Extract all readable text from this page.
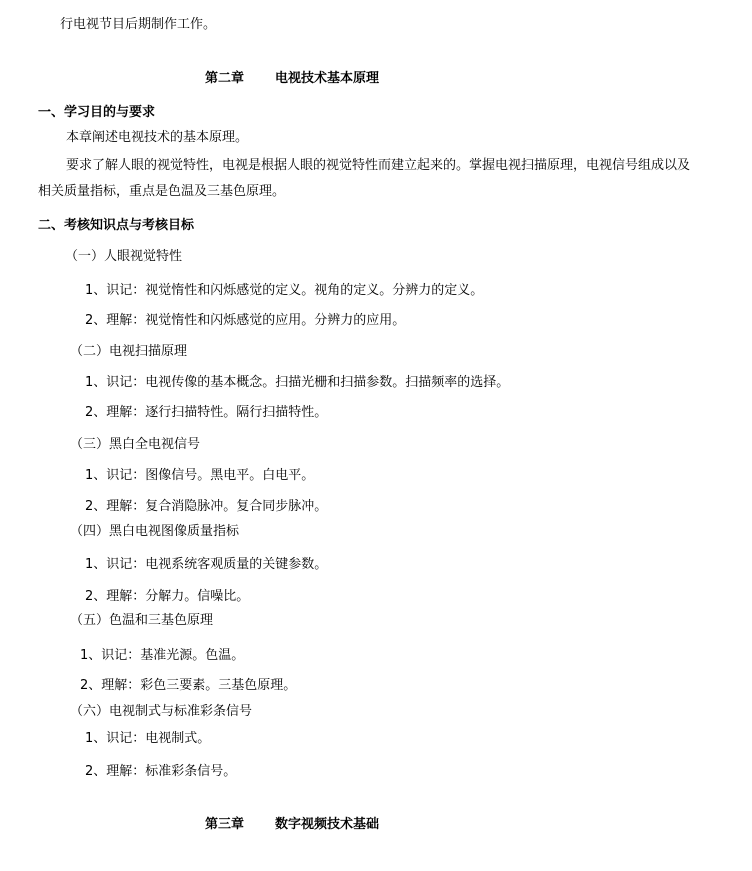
行电视节目后期制作工作。
第二章 电视技术基本原理
一、学习目的与要求
本章阐述电视技术的基本原理。
要求了解人眼的视觉特性，电视是根据人眼的视觉特性而建立起来的。掌握电视扫描原理，电视信号组成以及
相关质量指标，重点是色温及三基色原理。
二、考核知识点与考核目标
（一）人眼视觉特性
1、识记：视觉惰性和闪烁感觉的定义。视角的定义。分辨力的定义。
2、理解：视觉惰性和闪烁感觉的应用。分辨力的应用。
（二）电视扫描原理
1、识记：电视传像的基本概念。扫描光栅和扫描参数。扫描频率的选择。
2、理解：逐行扫描特性。隔行扫描特性。
（三）黑白全电视信号
1、识记：图像信号。黑电平。白电平。
2、理解：复合消隐脉冲。复合同步脉冲。
（四）黑白电视图像质量指标
1、识记：电视系统客观质量的关键参数。
2、理解：分解力。信噪比。
（五）色温和三基色原理
1、识记：基准光源。色温。
2、理解：彩色三要素。三基色原理。
（六）电视制式与标准彩条信号
1、识记：电视制式。
2、理解：标准彩条信号。
第三章 数字视频技术基础
